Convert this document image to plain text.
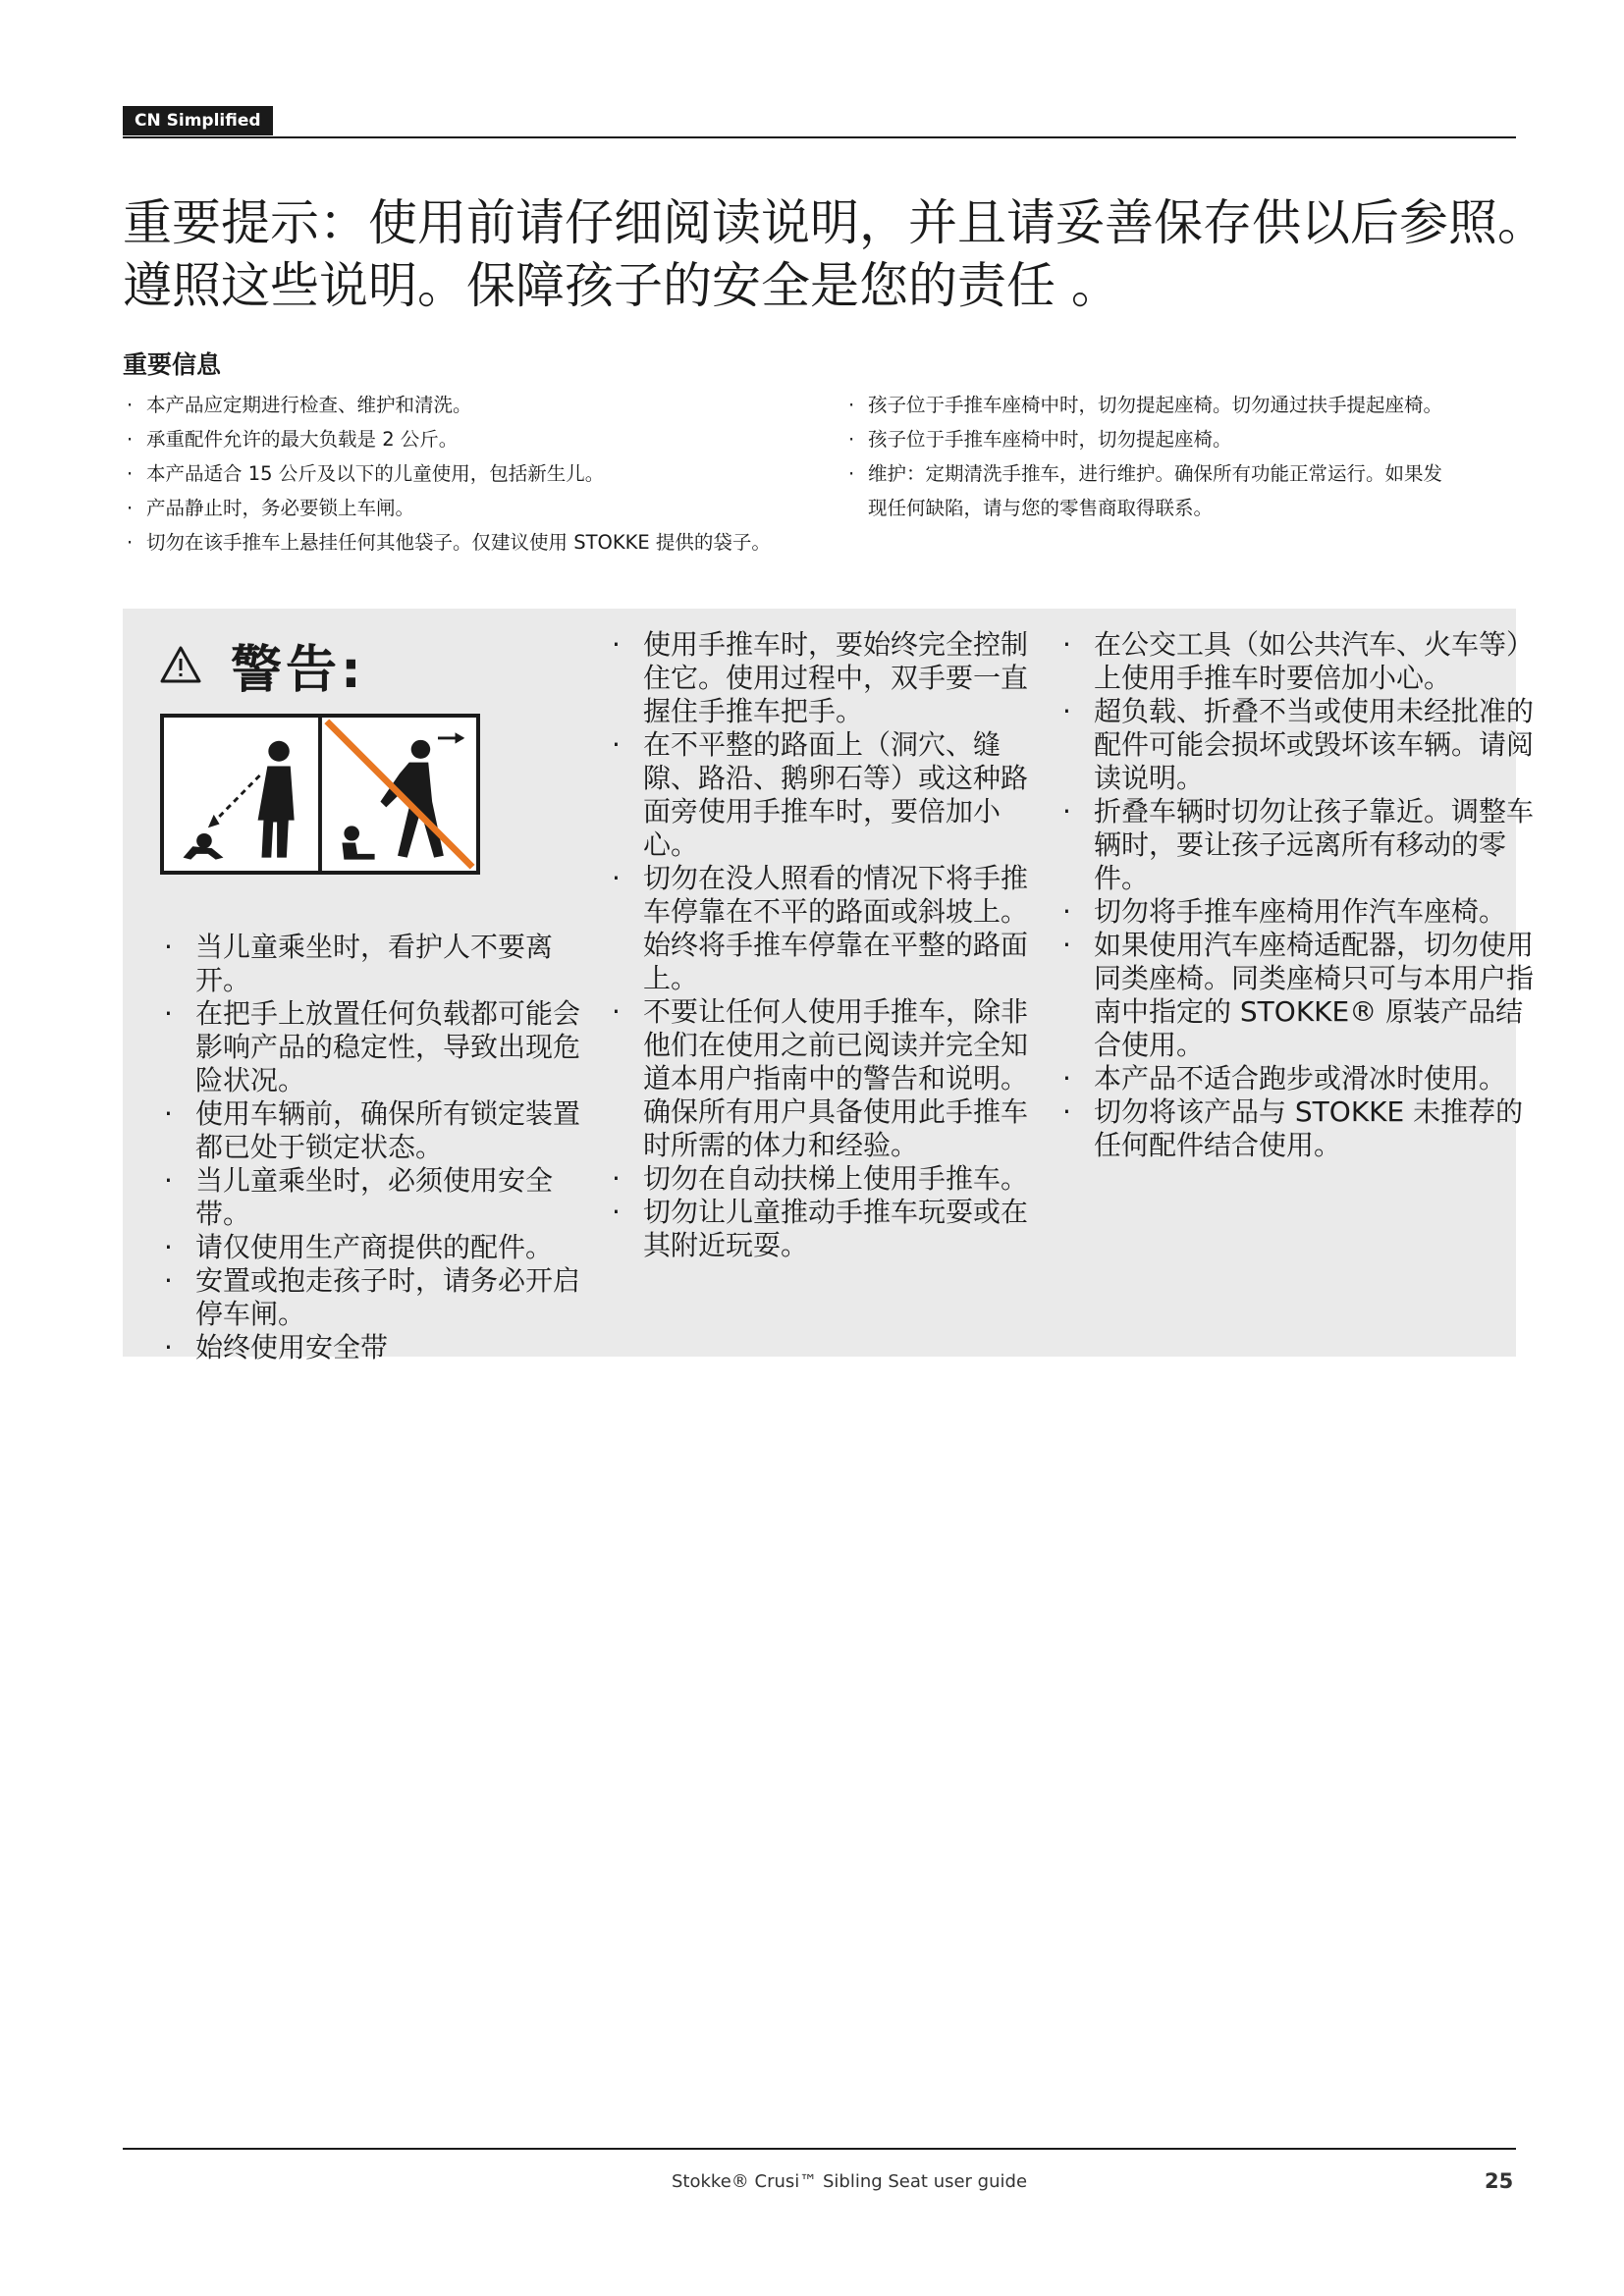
CN Simplified
重要提示：使用前请仔细阅读说明，并且请妥善保存供以后参照。
遵照这些说明。保障孩子的安全是您的责任 。
重要信息
· 本产品应定期进行检查、维护和清洗。
· 承重配件允许的最大负载是 2 公斤。
· 本产品适合 15 公斤及以下的儿童使用，包括新生儿。
· 产品静止时，务必要锁上车闸。
· 切勿在该手推车上悬挂任何其他袋子。仅建议使用 STOKKE 提供的袋子。
· 孩子位于手推车座椅中时，切勿提起座椅。切勿通过扶手提起座椅。
· 孩子位于手推车座椅中时，切勿提起座椅。
· 维护：定期清洗手推车，进行维护。确保所有功能正常运行。如果发
现任何缺陷，请与您的零售商取得联系。
警告:
· 当儿童乘坐时，看护人不要离开。
· 在把手上放置任何负载都可能会影响产品的稳定性，导致出现危险状况。
· 使用车辆前，确保所有锁定装置都已处于锁定状态。
· 当儿童乘坐时，必须使用安全带。
· 请仅使用生产商提供的配件。
· 安置或抱走孩子时，请务必开启停车闸。
· 始终使用安全带
· 使用手推车时，要始终完全控制住它。使用过程中，双手要一直握住手推车把手。
· 在不平整的路面上（洞穴、缝隙、路沿、鹅卵石等）或这种路面旁使用手推车时，要倍加小心。
· 切勿在没人照看的情况下将手推车停靠在不平的路面或斜坡上。始终将手推车停靠在平整的路面上。
· 不要让任何人使用手推车，除非他们在使用之前已阅读并完全知道本用户指南中的警告和说明。确保所有用户具备使用此手推车时所需的体力和经验。
· 切勿在自动扶梯上使用手推车。
· 切勿让儿童推动手推车玩耍或在其附近玩耍。
· 在公交工具（如公共汽车、火车等）上使用手推车时要倍加小心。
· 超负载、折叠不当或使用未经批准的配件可能会损坏或毁坏该车辆。请阅读说明。
· 折叠车辆时切勿让孩子靠近。调整车辆时，要让孩子远离所有移动的零件。
· 切勿将手推车座椅用作汽车座椅。
· 如果使用汽车座椅适配器，切勿使用同类座椅。同类座椅只可与本用户指南中指定的 STOKKE® 原装产品结合使用。
· 本产品不适合跑步或滑冰时使用。
· 切勿将该产品与 STOKKE 未推荐的任何配件结合使用。
Stokke® Crusi™ Sibling Seat user guide	25
